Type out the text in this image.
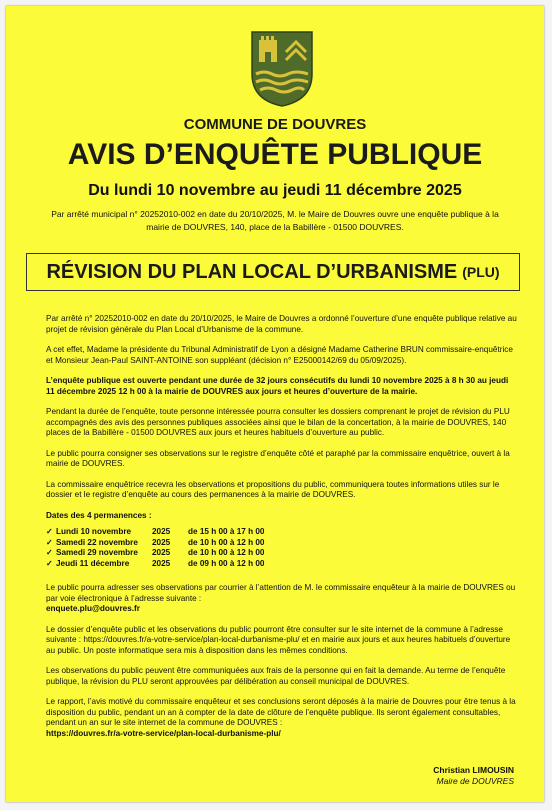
COMMUNE DE DOUVRES
AVIS D’ENQUÊTE PUBLIQUE
Du lundi 10 novembre au jeudi 11 décembre 2025
Par arrêté municipal n° 20252010-002 en date du 20/10/2025, M. le Maire de Douvres ouvre une enquête publique à la mairie de DOUVRES, 140, place de la Babillère - 01500 DOUVRES.
RÉVISION DU PLAN LOCAL D’URBANISME (PLU)

Par arrêté n° 20252010-002 en date du 20/10/2025, le Maire de Douvres a ordonné l’ouverture d’une enquête publique relative au projet de révision générale du Plan Local d’Urbanisme de la commune.

A cet effet, Madame la présidente du Tribunal Administratif de Lyon a désigné Madame Catherine BRUN commissaire-enquêtrice et Monsieur Jean-Paul SAINT-ANTOINE son suppléant (décision n° E25000142/69 du 05/09/2025).

L’enquête publique est ouverte pendant une durée de 32 jours consécutifs du lundi 10 novembre 2025 à 8 h 30 au jeudi 11 décembre 2025 12 h 00 à la mairie de DOUVRES aux jours et heures d’ouverture de la mairie.

Pendant la durée de l’enquête, toute personne intéressée pourra consulter les dossiers comprenant le projet de révision du PLU accompagnés des avis des personnes publiques associées ainsi que le bilan de la concertation, à la mairie de DOUVRES, 140 places de la Babillère - 01500 DOUVRES aux jours et heures habituels d’ouverture au public.

Le public pourra consigner ses observations sur le registre d’enquête côté et paraphé par la commissaire enquêtrice, ouvert à la mairie de DOUVRES.

La commissaire enquêtrice recevra les observations et propositions du public, communiquera toutes informations utiles sur le dossier et le registre d’enquête au cours des permanences à la mairie de DOUVRES.

Dates des 4 permanences :
✓ Lundi 10 novembre	2025	de 15 h 00 à 17 h 00
✓ Samedi 22 novembre	2025	de 10 h 00 à 12 h 00
✓ Samedi 29 novembre	2025	de 10 h 00 à 12 h 00
✓ Jeudi 11 décembre	2025	de 09 h 00 à 12 h 00

Le public pourra adresser ses observations par courrier à l’attention de M. le commissaire enquêteur à la mairie de DOUVRES ou par voie électronique à l’adresse suivante :
enquete.plu@douvres.fr

Le dossier d’enquête public et les observations du public pourront être consulter sur le site internet de la commune à l’adresse suivante : https://douvres.fr/a-votre-service/plan-local-durbanisme-plu/ et en mairie aux jours et aux heures habituels d’ouverture au public. Un poste informatique sera mis à disposition dans les mêmes conditions.

Les observations du public peuvent être communiquées aux frais de la personne qui en fait la demande. Au terme de l’enquête publique, la révision du PLU seront approuvées par délibération au conseil municipal de DOUVRES.

Le rapport, l’avis motivé du commissaire enquêteur et ses conclusions seront déposés à la mairie de Douvres pour être tenus à la disposition du public, pendant un an à compter de la date de clôture de l’enquête publique. Ils seront également consultables, pendant un an sur le site internet de la commune de DOUVRES :
https://douvres.fr/a-votre-service/plan-local-durbanisme-plu/

Christian LIMOUSIN
Maire de DOUVRES
